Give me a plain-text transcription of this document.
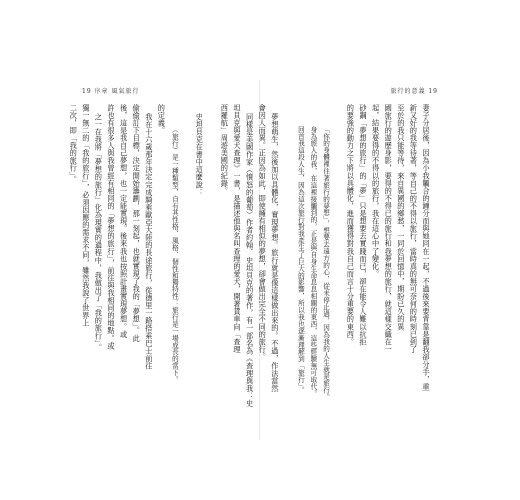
19 序章 風氣旅行	旅行的意義 19
二次，即「我的旅行」。 獨一無二的「我的旅行」，必須因應的需求不同，雖然我說了世界上 之一在我將「夢想的旅行」化為現實的過程中，我做出了「我的旅行」。 許也有很多人與我曾經有相同的「夢想的旅行」，前往與我相同的地點。或 後，這是我自己夢想，也一定能實現。後來我也按照計畫實現夢想。或 偷偷訂下目標，決定開始籌劃，那一刻起，也就實現了我的「夢想」。此 我在十六歲那年決定完成騎乘歐亞大陸的長途旅行，從德里一路搭乘巴士前往 的定義。
（旅行）是一種類型，自有其性格、風格、個性和獨特性：旅行是一場成長的當下。 史坦貝克在書中這麼說： 西羅航」周遊美國的紀錄。 坦貝克與愛犬查理》一書，是描述他與名叫查理的愛犬，開著貨車向「查理 同樣是美國作家（憤怒的葡萄）作者約翰．史坦貝克的著作，有一部名為《查理與我：史 會因人而異。正因為如此，即使擁有相似的夢想，卻會做出完全不同的旅行。 夢想萌生，然後加以具體化，實現夢想。旅行就是像這樣做出來的。不過，作法當然	回首我這段人生，因為這次旅行對我產生了巨大的影響，所以我也逐漸理解到「旅行」。 身為旅人的我，在這裡接觸到的，正是與自身生命息息相關的東西，這些經驗無可取代。 「你的身體裡住著旅行的夢想」，想要去遠方的心，從未停止過，因為我的人生就是旅行。 的要強的動力之下將以具體化，進而獲得對我自己而言十分重要的東西。 砂鋼「夢想的旅行」的「夢」只是想要去實踐而已，卻在能令人難以抗拒 起，結果要得的不得以的旅行，我在這心中了變化。 國旅行的遊歷身影，要得的不得已的旅行和我夢想的旅行，就這樣交織在一 至於的我只能等待，來自異國的鄉愁，一同於回憶中，期盼已久的異 新又好的我等待著，等自己的不得以旅行，當時真的無可奈何的時刻已到了 妻子分居後，因為小我觸合的鐘分而與她同在一起，不過後來要背靠是翻我卻分手，重
